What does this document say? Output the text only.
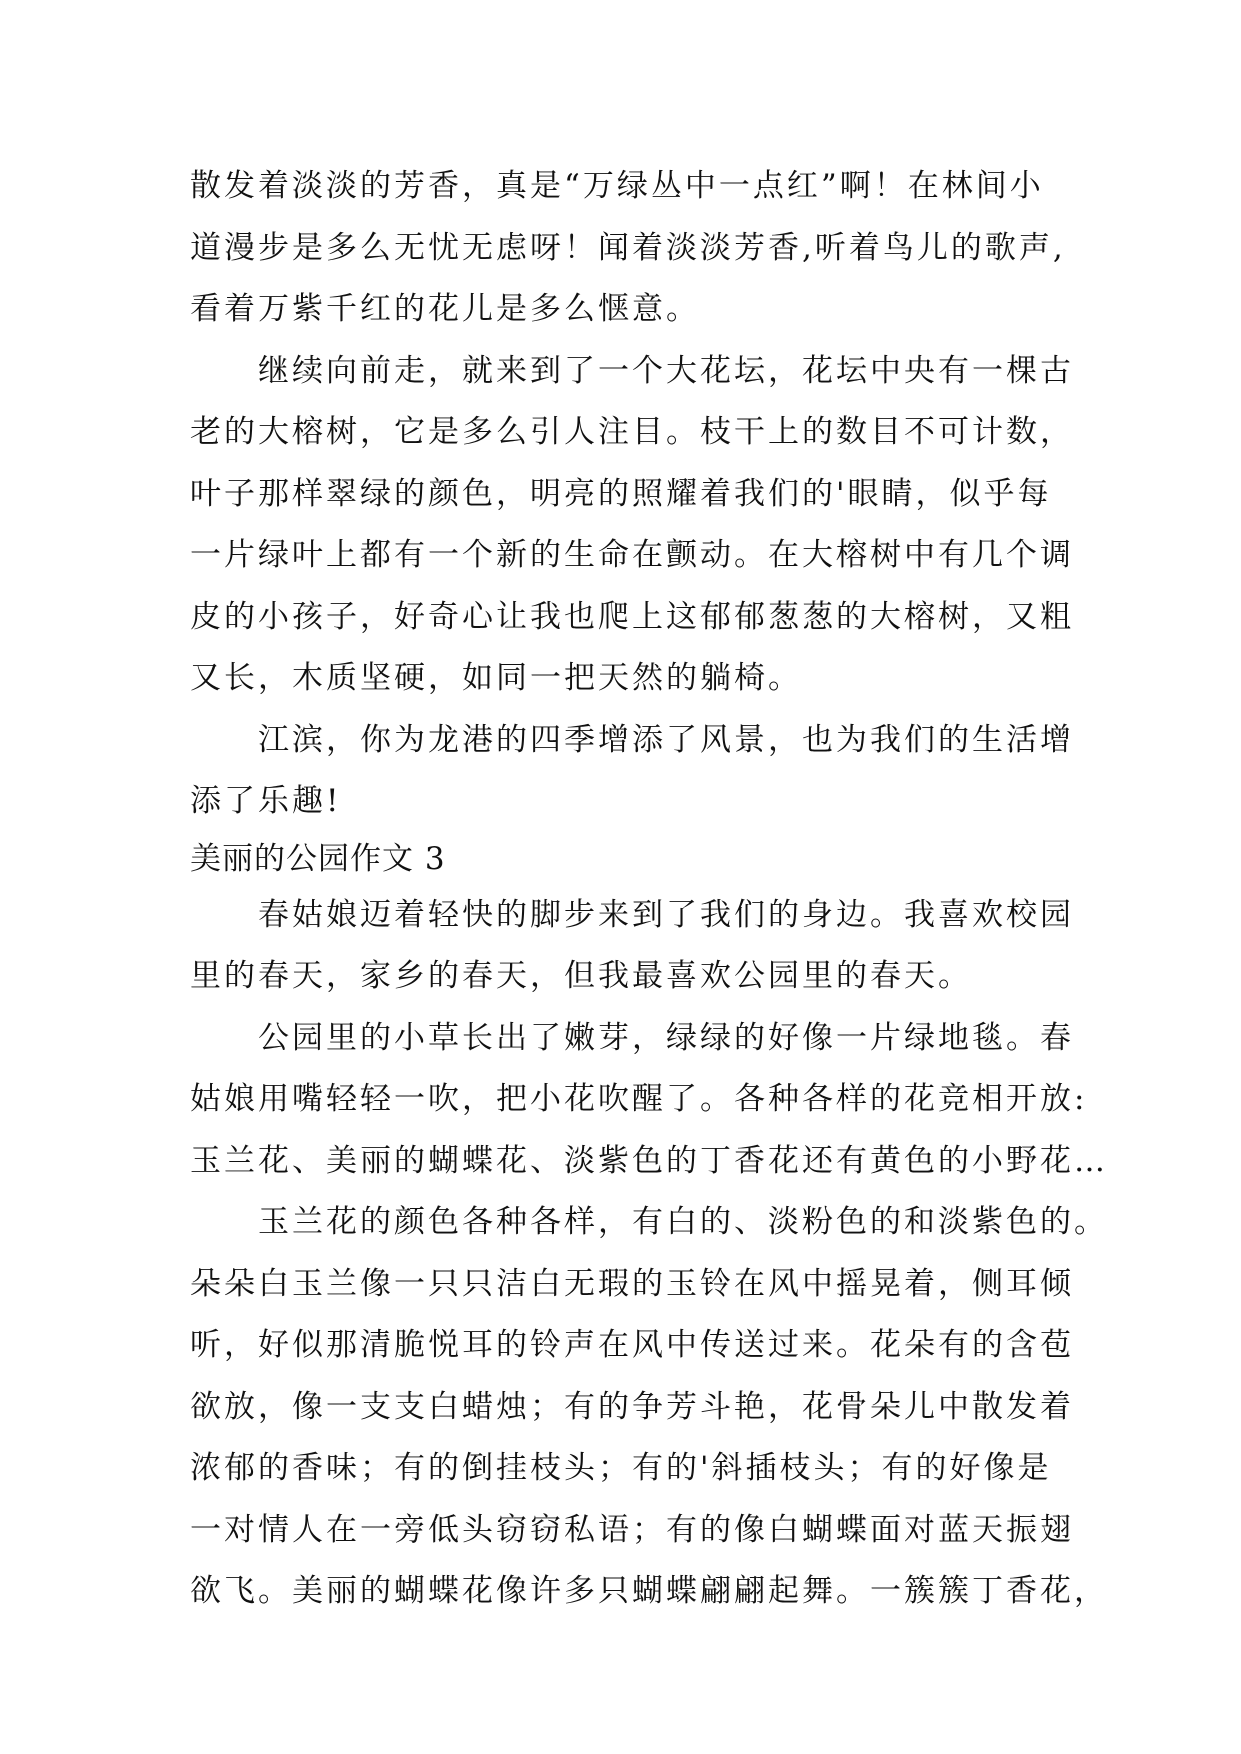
散发着淡淡的芳香，真是“万绿丛中一点红”啊！在林间小
道漫步是多么无忧无虑呀！闻着淡淡芳香,听着鸟儿的歌声,
看着万紫千红的花儿是多么惬意。
继续向前走，就来到了一个大花坛，花坛中央有一棵古
老的大榕树，它是多么引人注目。枝干上的数目不可计数，
叶子那样翠绿的颜色，明亮的照耀着我们的'眼睛，似乎每
一片绿叶上都有一个新的生命在颤动。在大榕树中有几个调
皮的小孩子，好奇心让我也爬上这郁郁葱葱的大榕树，又粗
又长，木质坚硬，如同一把天然的躺椅。
江滨，你为龙港的四季增添了风景，也为我们的生活增
添了乐趣!
美丽的公园作文 3
春姑娘迈着轻快的脚步来到了我们的身边。我喜欢校园
里的春天，家乡的春天，但我最喜欢公园里的春天。
公园里的小草长出了嫩芽，绿绿的好像一片绿地毯。春
姑娘用嘴轻轻一吹，把小花吹醒了。各种各样的花竞相开放:
玉兰花、美丽的蝴蝶花、淡紫色的丁香花还有黄色的小野花…
玉兰花的颜色各种各样，有白的、淡粉色的和淡紫色的。
朵朵白玉兰像一只只洁白无瑕的玉铃在风中摇晃着，侧耳倾
听，好似那清脆悦耳的铃声在风中传送过来。花朵有的含苞
欲放，像一支支白蜡烛；有的争芳斗艳，花骨朵儿中散发着
浓郁的香味；有的倒挂枝头；有的'斜插枝头；有的好像是
一对情人在一旁低头窃窃私语；有的像白蝴蝶面对蓝天振翅
欲飞。美丽的蝴蝶花像许多只蝴蝶翩翩起舞。一簇簇丁香花，
